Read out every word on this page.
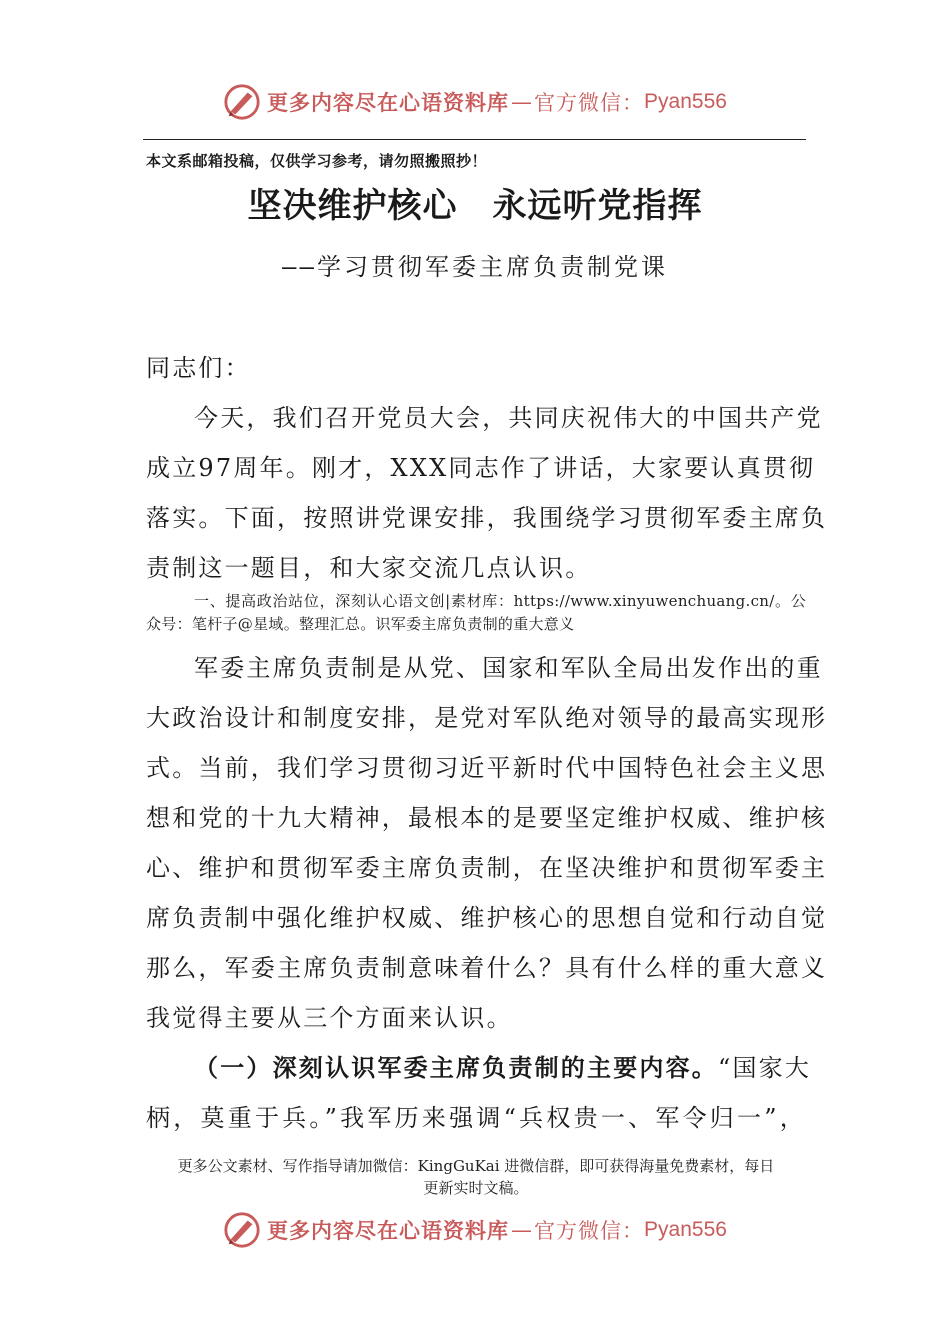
更多内容尽在心语资料库 — 官方微信： Pyan556
本文系邮箱投稿，仅供学习参考，请勿照搬照抄！
坚决维护核心　永远听党指挥
——学习贯彻军委主席负责制党课
同志们：
今天，我们召开党员大会，共同庆祝伟大的中国共产党
成立97周年。刚才，XXX同志作了讲话，大家要认真贯彻
落实。下面，按照讲党课安排，我围绕学习贯彻军委主席负
责制这一题目，和大家交流几点认识。
一、提高政治站位，深刻认心语文创|素材库：https://www.xinyuwenchuang.cn/。公
众号：笔杆子@星域。整理汇总。识军委主席负责制的重大意义
军委主席负责制是从党、国家和军队全局出发作出的重
大政治设计和制度安排，是党对军队绝对领导的最高实现形
式。当前，我们学习贯彻习近平新时代中国特色社会主义思
想和党的十九大精神，最根本的是要坚定维护权威、维护核
心、维护和贯彻军委主席负责制，在坚决维护和贯彻军委主
席负责制中强化维护权威、维护核心的思想自觉和行动自觉
那么，军委主席负责制意味着什么？具有什么样的重大意义
我觉得主要从三个方面来认识。
（一）深刻认识军委主席负责制的主要内容。“国家大
柄，莫重于兵。”我军历来强调“兵权贵一、军令归一”，
更多公文素材、写作指导请加微信：KingGuKai 进微信群，即可获得海量免费素材，每日
更新实时文稿。
更多内容尽在心语资料库 — 官方微信： Pyan556
